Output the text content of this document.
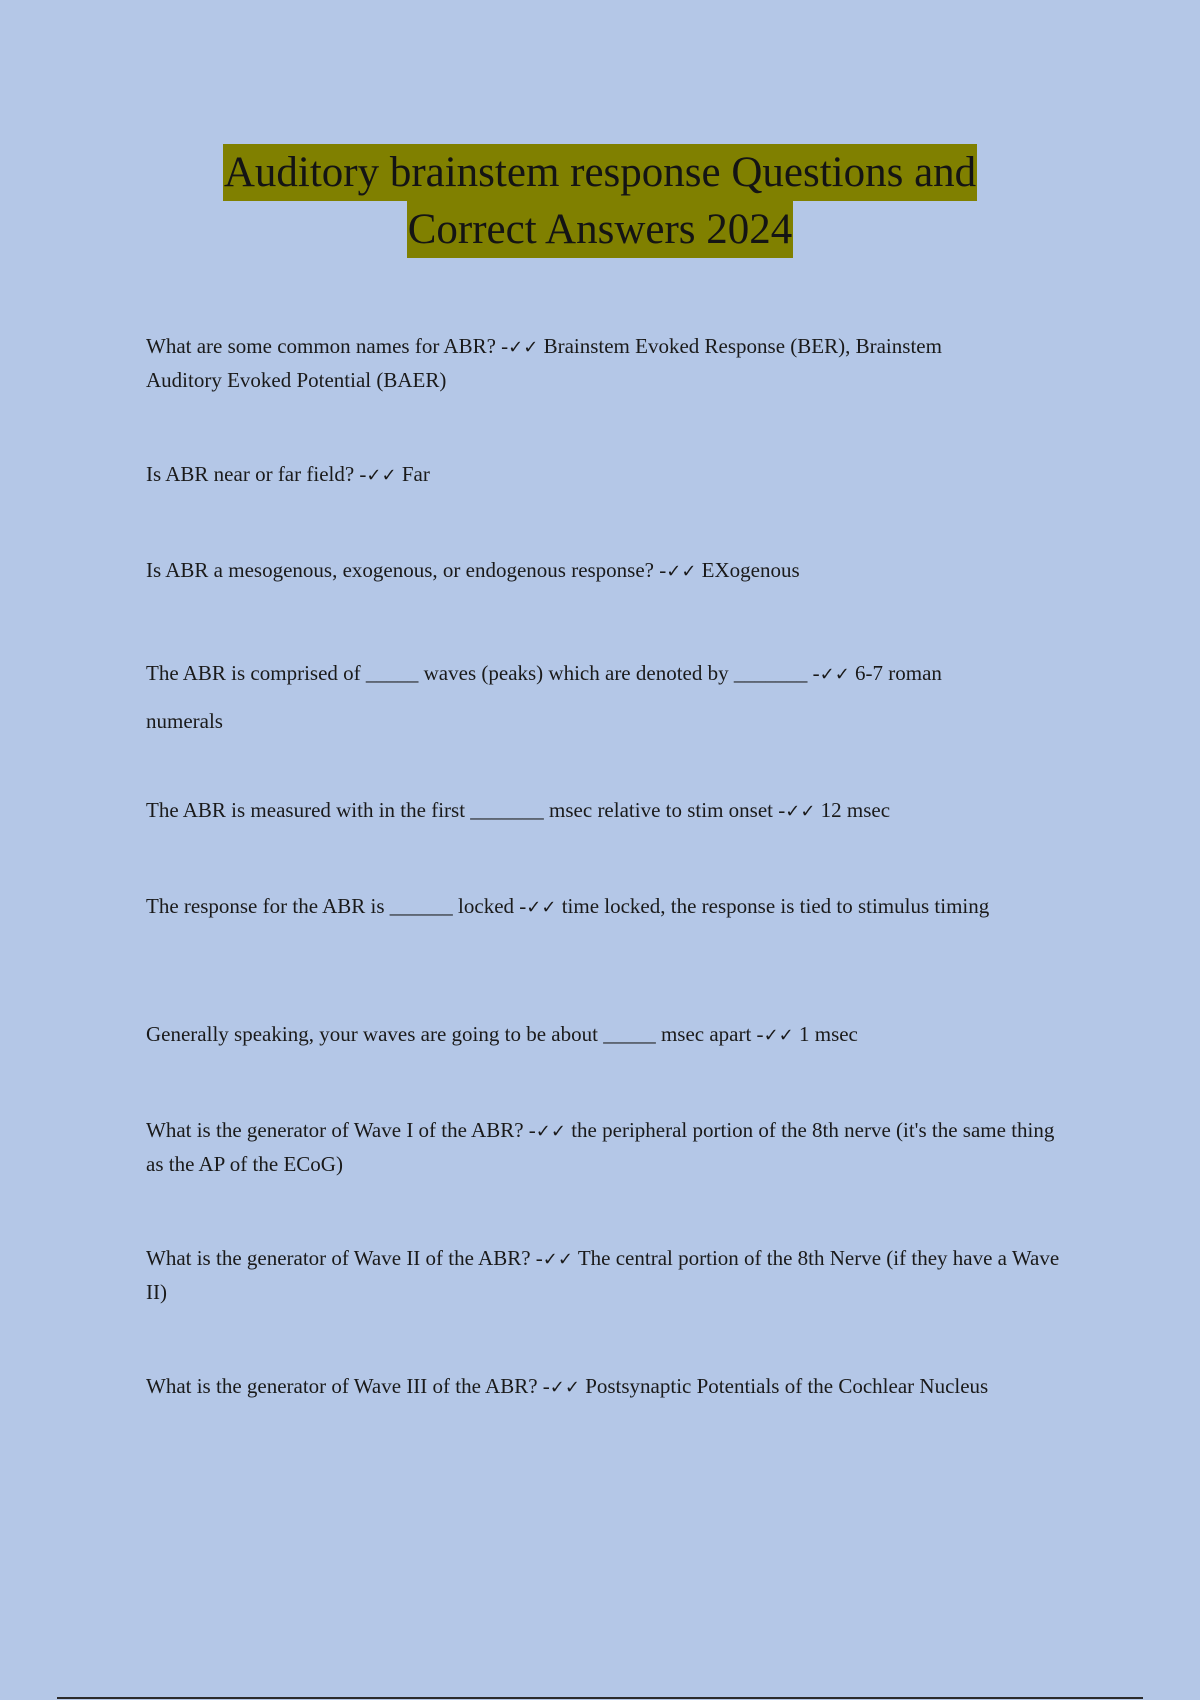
Auditory brainstem response Questions and
Correct Answers 2024

What are some common names for ABR? -✓✓ Brainstem Evoked Response (BER), Brainstem Auditory Evoked Potential (BAER)

Is ABR near or far field? -✓✓ Far

Is ABR a mesogenous, exogenous, or endogenous response? -✓✓ EXogenous

The ABR is comprised of _____ waves (peaks) which are denoted by _______ -✓✓ 6-7 roman numerals

The ABR is measured with in the first _______ msec relative to stim onset -✓✓ 12 msec

The response for the ABR is ______ locked -✓✓ time locked, the response is tied to stimulus timing

Generally speaking, your waves are going to be about _____ msec apart -✓✓ 1 msec

What is the generator of Wave I of the ABR? -✓✓ the peripheral portion of the 8th nerve (it's the same thing as the AP of the ECoG)

What is the generator of Wave II of the ABR? -✓✓ The central portion of the 8th Nerve (if they have a Wave II)

What is the generator of Wave III of the ABR? -✓✓ Postsynaptic Potentials of the Cochlear Nucleus
